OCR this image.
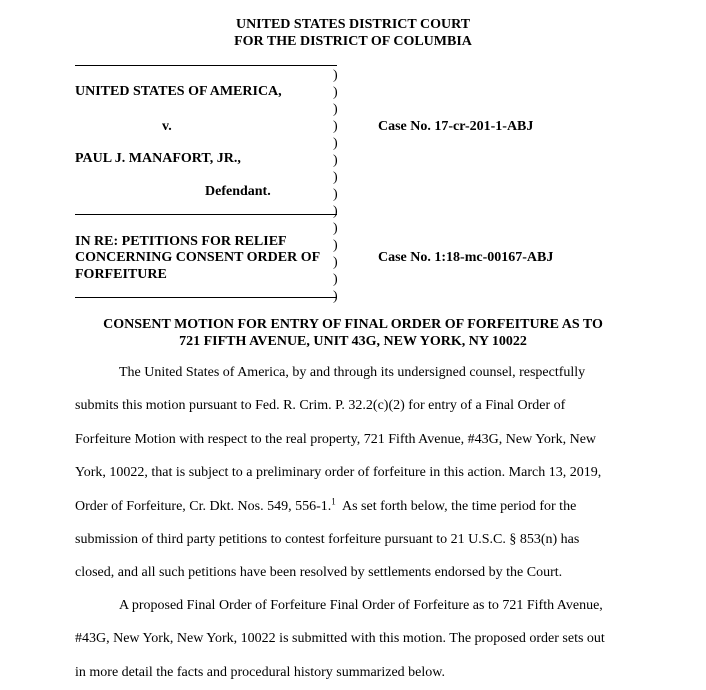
UNITED STATES DISTRICT COURT
FOR THE DISTRICT OF COLUMBIA
)
)
)
)
)
)
)
)
)
)
)
)
)
)
UNITED STATES OF AMERICA,
v.
PAUL J. MANAFORT, JR.,
Defendant.
Case No. 17-cr-201-1-ABJ
IN RE: PETITIONS FOR RELIEF
CONCERNING CONSENT ORDER OF
FORFEITURE
Case No. 1:18-mc-00167-ABJ
CONSENT MOTION FOR ENTRY OF FINAL ORDER OF FORFEITURE AS TO
721 FIFTH AVENUE, UNIT 43G, NEW YORK, NY 10022
The United States of America, by and through its undersigned counsel, respectfully
submits this motion pursuant to Fed. R. Crim. P. 32.2(c)(2) for entry of a Final Order of
Forfeiture Motion with respect to the real property, 721 Fifth Avenue, #43G, New York, New
York, 10022, that is subject to a preliminary order of forfeiture in this action. March 13, 2019,
Order of Forfeiture, Cr. Dkt. Nos. 549, 556-1.$^1$  As set forth below, the time period for the
submission of third party petitions to contest forfeiture pursuant to 21 U.S.C. § 853(n) has
closed, and all such petitions have been resolved by settlements endorsed by the Court.
A proposed Final Order of Forfeiture Final Order of Forfeiture as to 721 Fifth Avenue,
#43G, New York, New York, 10022 is submitted with this motion. The proposed order sets out
in more detail the facts and procedural history summarized below.
